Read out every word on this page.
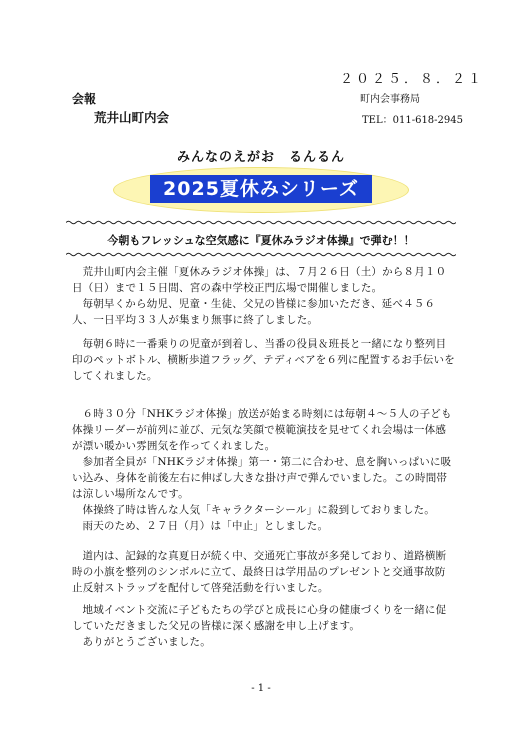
２０２５．８．２１
会報	町内会事務局
荒井山町内会	TEL：011-618-2945
みんなのえがお　るんるん
2025夏休みシリーズ
今朝もフレッシュな空気感に『夏休みラジオ体操』で弾む！！

荒井山町内会主催「夏休みラジオ体操」は、７月２６日（土）から８月１０日（日）まで１５日間、宮の森中学校正門広場で開催しました。

毎朝早くから幼児、児童・生徒、父兄の皆様に参加いただき、延べ４５６人、一日平均３３人が集まり無事に終了しました。

毎朝６時に一番乗りの児童が到着し、当番の役員＆班長と一緒になり整列目印のペットボトル、横断歩道フラッグ、テディベアを６列に配置するお手伝いをしてくれました。

６時３０分「NHKラジオ体操」放送が始まる時刻には毎朝４～５人の子ども体操リーダーが前列に並び、元気な笑顔で模範演技を見せてくれ会場は一体感が漂い暖かい雰囲気を作ってくれました。

参加者全員が「NHKラジオ体操」第一・第二に合わせ、息を胸いっぱいに吸い込み、身体を前後左右に伸ばし大きな掛け声で弾んでいました。この時間帯は涼しい場所なんです。

体操終了時は皆んな人気「キャラクターシール」に殺到しておりました。

雨天のため、２７日（月）は「中止」としました。

道内は、記録的な真夏日が続く中、交通死亡事故が多発しており、道路横断時の小旗を整列のシンボルに立て、最終日は学用品のプレゼントと交通事故防止反射ストラップを配付して啓発活動を行いました。

地域イベント交流に子どもたちの学びと成長に心身の健康づくりを一緒に促していただきました父兄の皆様に深く感謝を申し上げます。

ありがとうございました。

- 1 -
